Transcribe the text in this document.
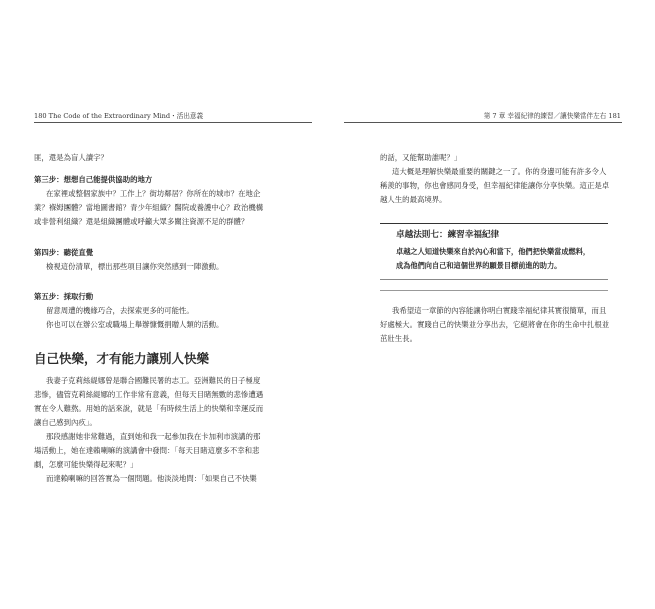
180 The Code of the Extraordinary Mind・活出意義
匪，還是為盲人讀字？
第三步：想想自己能提供協助的地方
在家裡或整個家族中？工作上？街坊鄰居？你所在的城市？在地企
業？褓姆團體？當地圖書館？青少年組織？醫院或養護中心？政治機構
或非營利組織？還是組織團體或呼籲大眾多關注資源不足的群體？
第四步：聽從直覺
檢視這份清單，標出那些項目讓你突然感到一陣激動。
第五步：採取行動
留意周遭的機緣巧合，去探索更多的可能性。
你也可以在辦公室或職場上舉辦慷慨捐贈人類的活動。
自己快樂，才有能力讓別人快樂
我妻子克莉絲緹娜曾是聯合國難民署的志工。亞洲難民的日子極度
悲慘，儘管克莉絲緹娜的工作非常有意義，但每天目睹無數的悲慘遭遇
實在令人難熬。用她的話來說，就是「有時候生活上的快樂和幸運反而
讓自己感到內疚」。
那段感謝她非常難過，直到她和我一起參加我在卡加利市演講的那
場活動上，她在達賴喇嘛的演講會中發問：「每天目睹這麼多不幸和悲
劇，怎麼可能快樂得起來呢？」
而達賴喇嘛的回答實為一個問題。他淡淡地問：「如果自己不快樂
第 7 章 幸福紀律的練習／讓快樂當伴左右 181
的話，又能幫助誰呢？」
這大概是理解快樂最重要的關鍵之一了。你的身邊可能有許多令人
稱羨的事物，你也會感同身受，但幸福紀律能讓你分享快樂。這正是卓
越人生的最高境界。
卓越法則七：練習幸福紀律
卓越之人知道快樂來自於內心和當下，他們把快樂當成燃料，
成為他們向自己和這個世界的願景目標前進的助力。
我希望這一章節的內容能讓你明白實踐幸福紀律其實很簡單，而且
好處極大。實踐自己的快樂並分享出去，它絕將會在你的生命中扎根並
茁壯生長。
